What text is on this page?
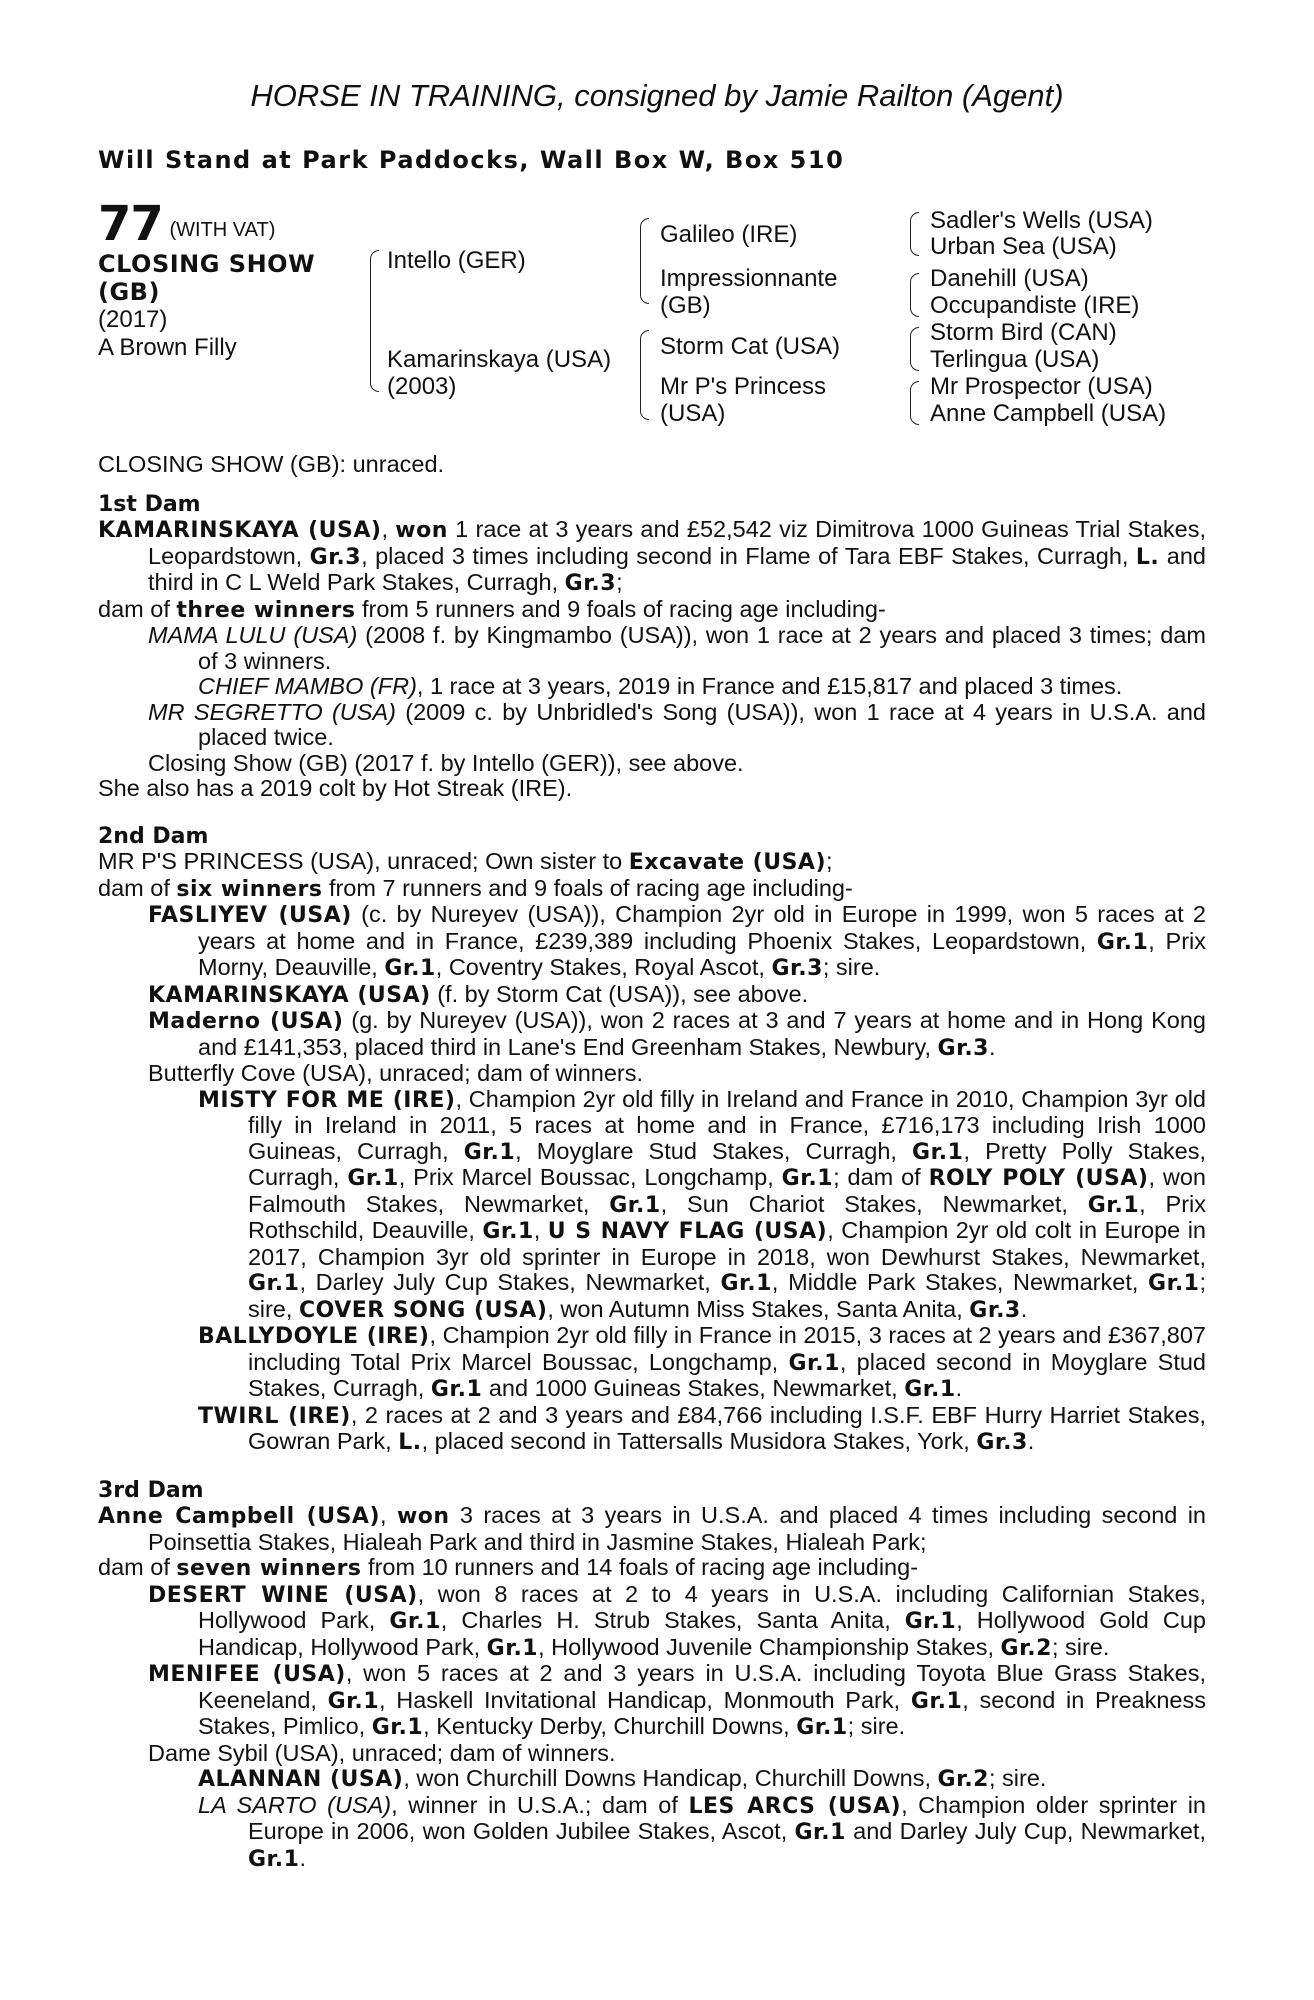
HORSE IN TRAINING, consigned by Jamie Railton (Agent)
Will Stand at Park Paddocks, Wall Box W, Box 510
77 (WITH VAT)
CLOSING SHOW
(GB)
(2017)
A Brown Filly
Intello (GER)
Kamarinskaya (USA)
(2003)
Galileo (IRE)
Impressionnante
(GB)
Storm Cat (USA)
Mr P's Princess
(USA)
Sadler's Wells (USA)
Urban Sea (USA)
Danehill (USA)
Occupandiste (IRE)
Storm Bird (CAN)
Terlingua (USA)
Mr Prospector (USA)
Anne Campbell (USA)

CLOSING SHOW (GB): unraced.

1st Dam

KAMARINSKAYA (USA), won 1 race at 3 years and £52,542 viz Dimitrova 1000 Guineas Trial Stakes, Leopardstown, Gr.3, placed 3 times including second in Flame of Tara EBF Stakes, Curragh, L. and third in C L Weld Park Stakes, Curragh, Gr.3;

dam of three winners from 5 runners and 9 foals of racing age including-

MAMA LULU (USA) (2008 f. by Kingmambo (USA)), won 1 race at 2 years and placed 3 times; dam of 3 winners.

CHIEF MAMBO (FR), 1 race at 3 years, 2019 in France and £15,817 and placed 3 times.

MR SEGRETTO (USA) (2009 c. by Unbridled's Song (USA)), won 1 race at 4 years in U.S.A. and placed twice.

Closing Show (GB) (2017 f. by Intello (GER)), see above.

She also has a 2019 colt by Hot Streak (IRE).

2nd Dam

MR P'S PRINCESS (USA), unraced; Own sister to Excavate (USA);

dam of six winners from 7 runners and 9 foals of racing age including-

FASLIYEV (USA) (c. by Nureyev (USA)), Champion 2yr old in Europe in 1999, won 5 races at 2 years at home and in France, £239,389 including Phoenix Stakes, Leopardstown, Gr.1, Prix Morny, Deauville, Gr.1, Coventry Stakes, Royal Ascot, Gr.3; sire.

KAMARINSKAYA (USA) (f. by Storm Cat (USA)), see above.

Maderno (USA) (g. by Nureyev (USA)), won 2 races at 3 and 7 years at home and in Hong Kong and £141,353, placed third in Lane's End Greenham Stakes, Newbury, Gr.3.

Butterfly Cove (USA), unraced; dam of winners.

MISTY FOR ME (IRE), Champion 2yr old filly in Ireland and France in 2010, Champion 3yr old filly in Ireland in 2011, 5 races at home and in France, £716,173 including Irish 1000 Guineas, Curragh, Gr.1, Moyglare Stud Stakes, Curragh, Gr.1, Pretty Polly Stakes, Curragh, Gr.1, Prix Marcel Boussac, Longchamp, Gr.1; dam of ROLY POLY (USA), won Falmouth Stakes, Newmarket, Gr.1, Sun Chariot Stakes, Newmarket, Gr.1, Prix Rothschild, Deauville, Gr.1, U S NAVY FLAG (USA), Champion 2yr old colt in Europe in 2017, Champion 3yr old sprinter in Europe in 2018, won Dewhurst Stakes, Newmarket, Gr.1, Darley July Cup Stakes, Newmarket, Gr.1, Middle Park Stakes, Newmarket, Gr.1; sire, COVER SONG (USA), won Autumn Miss Stakes, Santa Anita, Gr.3.

BALLYDOYLE (IRE), Champion 2yr old filly in France in 2015, 3 races at 2 years and £367,807 including Total Prix Marcel Boussac, Longchamp, Gr.1, placed second in Moyglare Stud Stakes, Curragh, Gr.1 and 1000 Guineas Stakes, Newmarket, Gr.1.

TWIRL (IRE), 2 races at 2 and 3 years and £84,766 including I.S.F. EBF Hurry Harriet Stakes, Gowran Park, L., placed second in Tattersalls Musidora Stakes, York, Gr.3.

3rd Dam

Anne Campbell (USA), won 3 races at 3 years in U.S.A. and placed 4 times including second in Poinsettia Stakes, Hialeah Park and third in Jasmine Stakes, Hialeah Park;

dam of seven winners from 10 runners and 14 foals of racing age including-

DESERT WINE (USA), won 8 races at 2 to 4 years in U.S.A. including Californian Stakes, Hollywood Park, Gr.1, Charles H. Strub Stakes, Santa Anita, Gr.1, Hollywood Gold Cup Handicap, Hollywood Park, Gr.1, Hollywood Juvenile Championship Stakes, Gr.2; sire.

MENIFEE (USA), won 5 races at 2 and 3 years in U.S.A. including Toyota Blue Grass Stakes, Keeneland, Gr.1, Haskell Invitational Handicap, Monmouth Park, Gr.1, second in Preakness Stakes, Pimlico, Gr.1, Kentucky Derby, Churchill Downs, Gr.1; sire.

Dame Sybil (USA), unraced; dam of winners.

ALANNAN (USA), won Churchill Downs Handicap, Churchill Downs, Gr.2; sire.

LA SARTO (USA), winner in U.S.A.; dam of LES ARCS (USA), Champion older sprinter in Europe in 2006, won Golden Jubilee Stakes, Ascot, Gr.1 and Darley July Cup, Newmarket, Gr.1.
